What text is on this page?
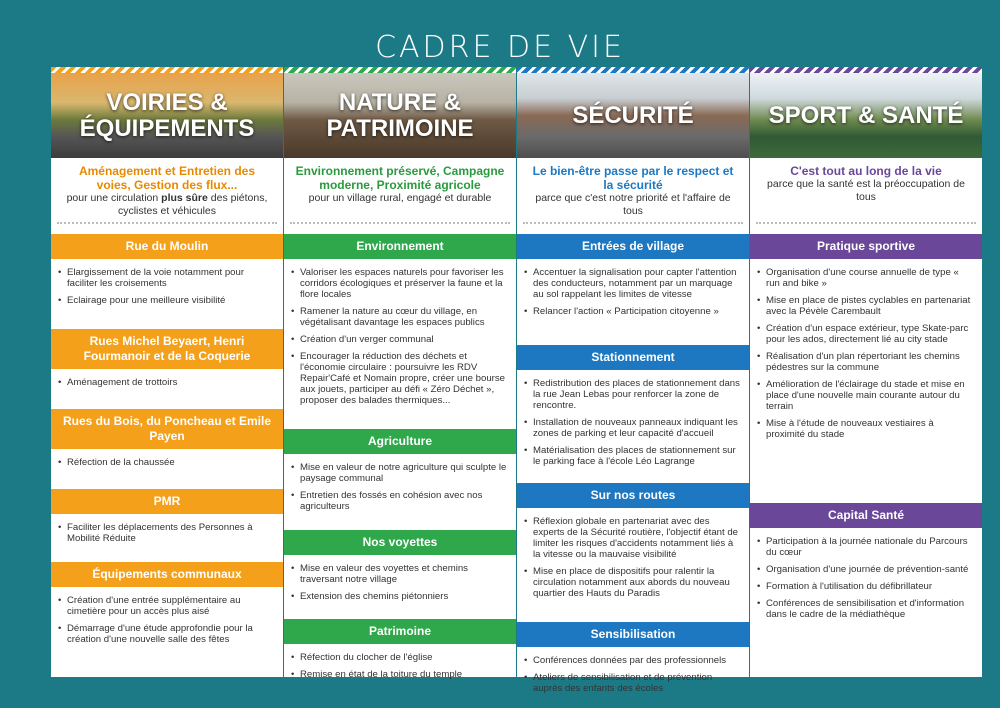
CADRE DE VIE
VOIRIES & ÉQUIPEMENTS
Aménagement et Entretien des voies, Gestion des flux...
pour une circulation plus sûre des piétons, cyclistes et véhicules
Rue du Moulin
• Elargissement de la voie notamment pour faciliter les croisements
• Eclairage pour une meilleure visibilité
Rues Michel Beyaert, Henri Fourmanoir et de la Coquerie
• Aménagement de trottoirs
Rues du Bois, du Poncheau et Emile Payen
• Réfection de la chaussée
PMR
• Faciliter les déplacements des Personnes à Mobilité Réduite
Équipements communaux
• Création d'une entrée supplémentaire au cimetière pour un accès plus aisé
• Démarrage d'une étude approfondie pour la création d'une nouvelle salle des fêtes
NATURE & PATRIMOINE
Environnement préservé, Campagne moderne, Proximité agricole
pour un village rural, engagé et durable
Environnement
• Valoriser les espaces naturels pour favoriser les corridors écologiques et préserver la faune et la flore locales
• Ramener la nature au cœur du village, en végétalisant davantage les espaces publics
• Création d'un verger communal
• Encourager la réduction des déchets et l'économie circulaire : poursuivre les RDV Repair'Café et Nomain propre, créer une bourse aux jouets, participer au défi « Zéro Déchet », proposer des balades thermiques...
Agriculture
• Mise en valeur de notre agriculture qui sculpte le paysage communal
• Entretien des fossés en cohésion avec nos agriculteurs
Nos voyettes
• Mise en valeur des voyettes et chemins traversant notre village
• Extension des chemins piétonniers
Patrimoine
• Réfection du clocher de l'église
• Remise en état de la toiture du temple
SÉCURITÉ
Le bien-être passe par le respect et la sécurité
parce que c'est notre priorité et l'affaire de tous
Entrées de village
• Accentuer la signalisation pour capter l'attention des conducteurs, notamment par un marquage au sol rappelant les limites de vitesse
• Relancer l'action « Participation citoyenne »
Stationnement
• Redistribution des places de stationnement dans la rue Jean Lebas pour renforcer la zone de rencontre.
• Installation de nouveaux panneaux indiquant les zones de parking et leur capacité d'accueil
• Matérialisation des places de stationnement sur le parking face à l'école Léo Lagrange
Sur nos routes
• Réflexion globale en partenariat avec des experts de la Sécurité routière, l'objectif étant de limiter les risques d'accidents notamment liés à la vitesse ou la mauvaise visibilité
• Mise en place de dispositifs pour ralentir la circulation notamment aux abords du nouveau quartier des Hauts du Paradis
Sensibilisation
• Conférences données par des professionnels
• Ateliers de sensibilisation et de prévention auprès des enfants des écoles
SPORT & SANTÉ
C'est tout au long de la vie
parce que la santé est la préoccupation de tous
Pratique sportive
• Organisation d'une course annuelle de type « run and bike »
• Mise en place de pistes cyclables en partenariat avec la Pévèle Carembault
• Création d'un espace extérieur, type Skate-parc pour les ados, directement lié au city stade
• Réalisation d'un plan répertoriant les chemins pédestres sur la commune
• Amélioration de l'éclairage du stade et mise en place d'une nouvelle main courante autour du terrain
• Mise à l'étude de nouveaux vestiaires à proximité du stade
Capital Santé
• Participation à la journée nationale du Parcours du cœur
• Organisation d'une journée de prévention-santé
• Formation à l'utilisation du défibrillateur
• Conférences de sensibilisation et d'information dans le cadre de la médiathèque
